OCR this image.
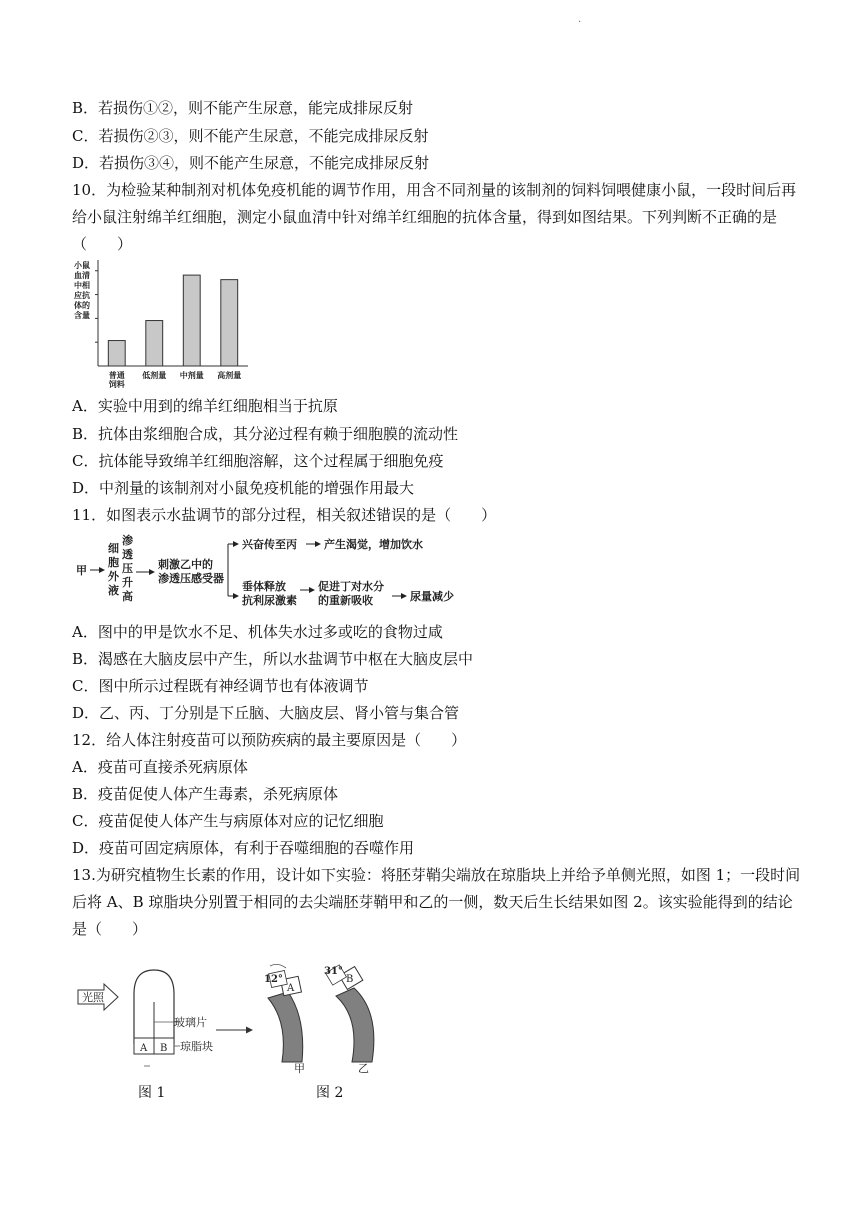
.
B．若损伤①②，则不能产生尿意，能完成排尿反射
C．若损伤②③，则不能产生尿意，不能完成排尿反射
D．若损伤③④，则不能产生尿意，不能完成排尿反射
10．为检验某种制剂对机体免疫机能的调节作用，用含不同剂量的该制剂的饲料饲喂健康小鼠，一段时间后再
给小鼠注射绵羊红细胞，测定小鼠血清中针对绵羊红细胞的抗体含量，得到如图结果。下列判断不正确的是
（　　）
小鼠
血清
中相
应抗
体的
含量
普通
饲料
低剂量 中剂量 高剂量
A．实验中用到的绵羊红细胞相当于抗原
B．抗体由浆细胞合成，其分泌过程有赖于细胞膜的流动性
C．抗体能导致绵羊红细胞溶解，这个过程属于细胞免疫
D．中剂量的该制剂对小鼠免疫机能的增强作用最大
11．如图表示水盐调节的部分过程，相关叙述错误的是（　　）
甲
细
胞
外
液
渗
透
压
升
高
刺激乙中的
渗透压感受器
兴奋传至丙 产生渴觉，增加饮水
垂体释放
抗利尿激素
促进丁对水分
的重新吸收	尿量减少
A．图中的甲是饮水不足、机体失水过多或吃的食物过咸
B．渴感在大脑皮层中产生，所以水盐调节中枢在大脑皮层中
C．图中所示过程既有神经调节也有体液调节
D．乙、丙、丁分别是下丘脑、大脑皮层、肾小管与集合管
12．给人体注射疫苗可以预防疾病的最主要原因是（　　）
A．疫苗可直接杀死病原体
B．疫苗促使人体产生毒素，杀死病原体
C．疫苗促使人体产生与病原体对应的记忆细胞
D．疫苗可固定病原体，有利于吞噬细胞的吞噬作用
13.为研究植物生长素的作用，设计如下实验：将胚芽鞘尖端放在琼脂块上并给予单侧光照，如图 1；一段时间
后将 A、B 琼脂块分别置于相同的去尖端胚芽鞘甲和乙的一侧，数天后生长结果如图 2。该实验能得到的结论
是（　　）
光照
玻璃片
A B 琼脂块
A
12°
甲
B
31°
乙
图 1	图 2
